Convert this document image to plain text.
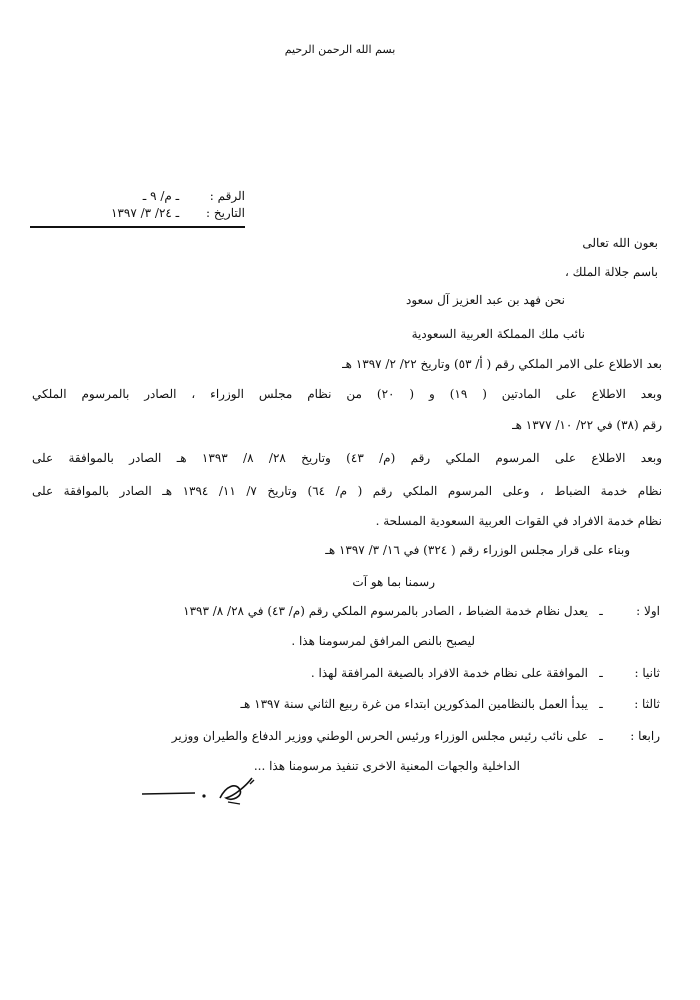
بسم الله الرحمن الرحيم
الرقم : ـ م/ ٩ ـ
التاريخ : ـ ٢٤/ ٣/ ١٣٩٧
بعون الله تعالى
باسم جلالة الملك ،
نحن فهد بن عبد العزيز آل سعود
نائب ملك المملكة العربية السعودية
بعد الاطلاع على الامر الملكي رقم ( أ/ ٥٣) وتاريخ ٢٢/ ٢/ ١٣٩٧ هـ
وبعد الاطلاع على المادتين ( ١٩) و ( ٢٠) من نظام مجلس الوزراء ، الصادر بالمرسوم الملكي
رقم (٣٨) في ٢٢/ ١٠/ ١٣٧٧ هـ
وبعد الاطلاع على المرسوم الملكي رقم (م/ ٤٣) وتاريخ ٢٨/ ٨/ ١٣٩٣ هـ الصادر بالموافقة على
نظام خدمة الضباط ، وعلى المرسوم الملكي رقم ( م/ ٦٤) وتاريخ ٧/ ١١/ ١٣٩٤ هـ الصادر بالموافقة على
نظام خدمة الافراد في القوات العربية السعودية المسلحة .
وبناء على قرار مجلس الوزراء رقم ( ٣٢٤) في ١٦/ ٣/ ١٣٩٧ هـ
رسمنا بما هو آت
اولا :
ـ
يعدل نظام خدمة الضباط ، الصادر بالمرسوم الملكي رقم (م/ ٤٣) في ٢٨/ ٨/ ١٣٩٣
ليصبح بالنص المرافق لمرسومنا هذا .
ثانيا :
ـ
الموافقة على نظام خدمة الافراد بالصيغة المرافقة لهذا .
ثالثا :
ـ
يبدأ العمل بالنظامين المذكورين ابتداء من غرة ربيع الثاني سنة ١٣٩٧ هـ
رابعا :
ـ
على نائب رئيس مجلس الوزراء ورئيس الحرس الوطني ووزير الدفاع والطيران ووزير
الداخلية والجهات المعنية الاخرى تنفيذ مرسومنا هذا ...
